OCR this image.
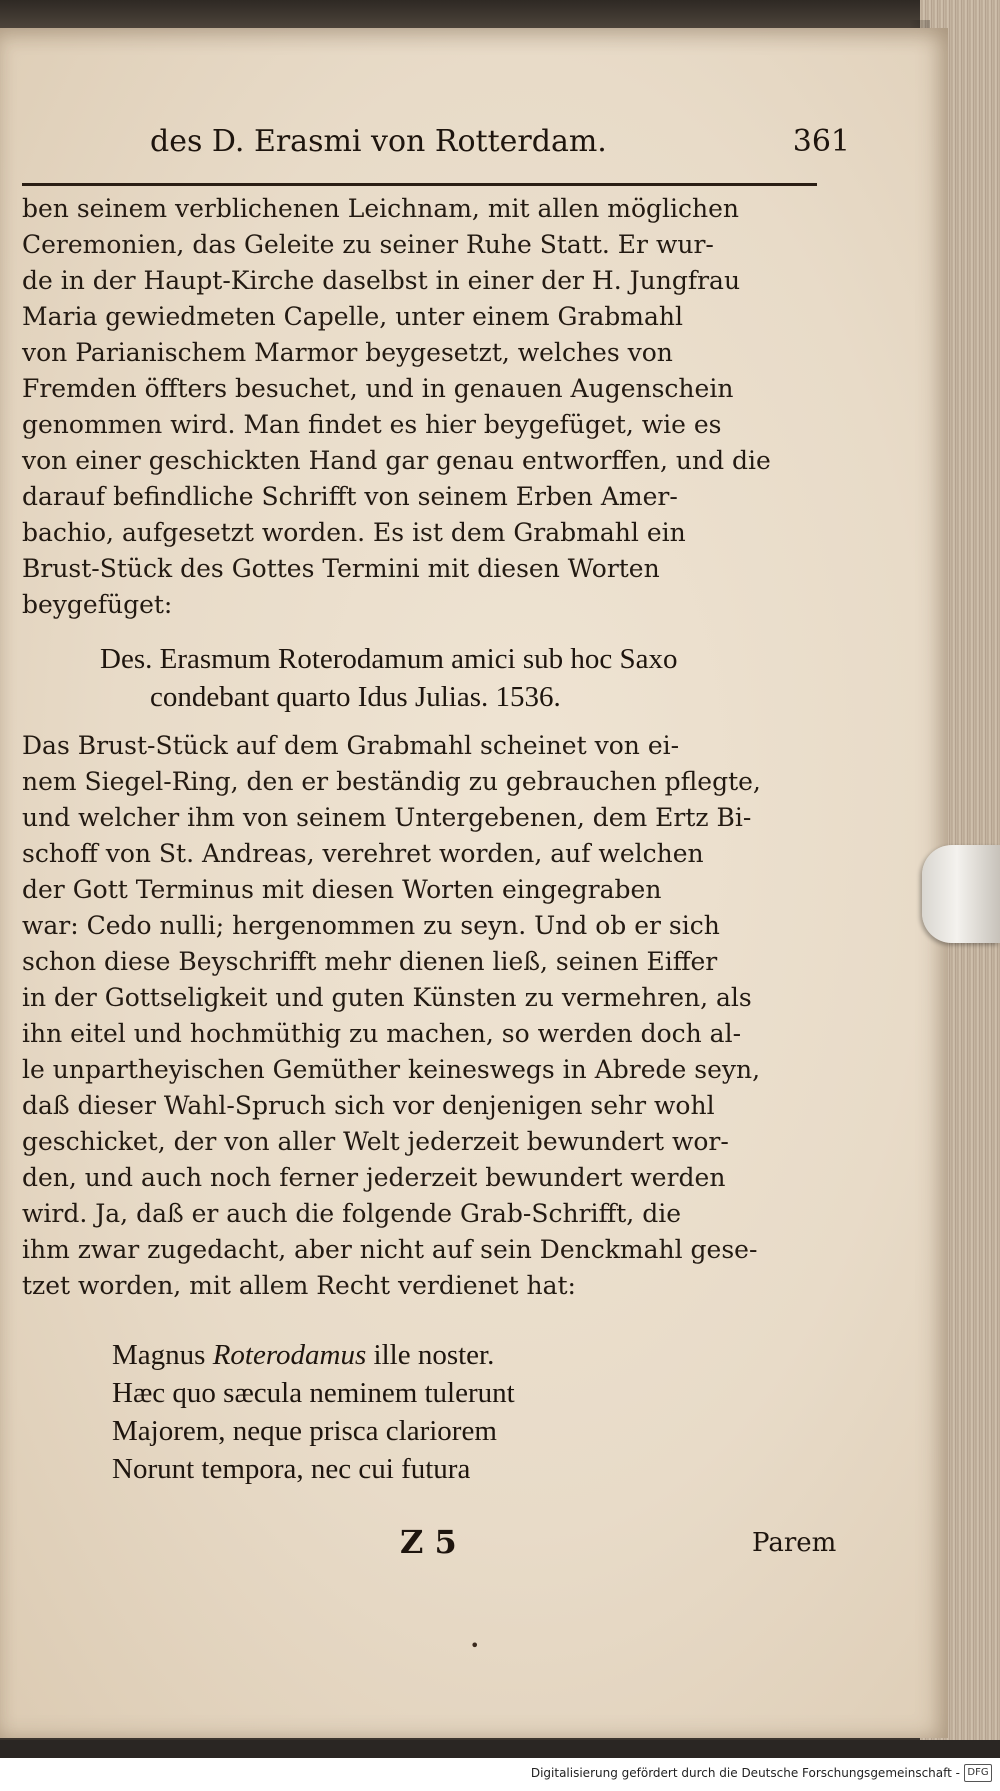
des D. Erasmi von Rotterdam.	361
ben seinem verblichenen Leichnam, mit allen möglichen
Ceremonien, das Geleite zu seiner Ruhe Statt. Er wur-
de in der Haupt-Kirche daselbst in einer der H. Jungfrau
Maria gewiedmeten Capelle, unter einem Grabmahl
von Parianischem Marmor beygesetzt, welches von
Fremden öffters besuchet, und in genauen Augenschein
genommen wird. Man findet es hier beygefüget, wie es
von einer geschickten Hand gar genau entworffen, und die
darauf befindliche Schrifft von seinem Erben Amer-
bachio, aufgesetzt worden. Es ist dem Grabmahl ein
Brust-Stück des Gottes Termini mit diesen Worten
beygefüget:
Des. Erasmum Roterodamum amici sub hoc Saxo
condebant quarto Idus Julias. 1536.
Das Brust-Stück auf dem Grabmahl scheinet von ei-
nem Siegel-Ring, den er beständig zu gebrauchen pflegte,
und welcher ihm von seinem Untergebenen, dem Ertz Bi-
schoff von St. Andreas, verehret worden, auf welchen
der Gott Terminus mit diesen Worten eingegraben
war: Cedo nulli; hergenommen zu seyn. Und ob er sich
schon diese Beyschrifft mehr dienen ließ, seinen Eiffer
in der Gottseligkeit und guten Künsten zu vermehren, als
ihn eitel und hochmüthig zu machen, so werden doch al-
le unpartheyischen Gemüther keineswegs in Abrede seyn,
daß dieser Wahl-Spruch sich vor denjenigen sehr wohl
geschicket, der von aller Welt jederzeit bewundert wor-
den, und auch noch ferner jederzeit bewundert werden
wird. Ja, daß er auch die folgende Grab-Schrifft, die
ihm zwar zugedacht, aber nicht auf sein Denckmahl gese-
tzet worden, mit allem Recht verdienet hat:
Magnus Roterodamus ille noster.
Hæc quo sæcula neminem tulerunt
Majorem, neque prisca clariorem
Norunt tempora, nec cui futura
Z 5	Parem
•
Digitalisierung gefördert durch die Deutsche Forschungsgemeinschaft - DFG
